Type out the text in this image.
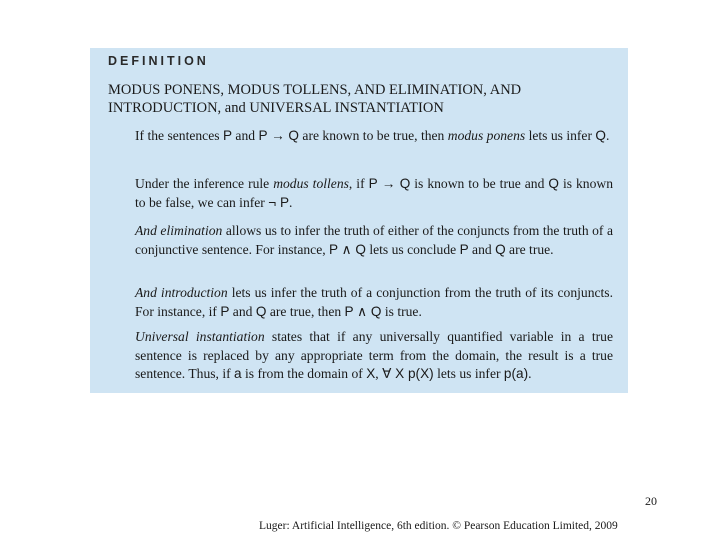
DEFINITION
MODUS PONENS, MODUS TOLLENS, AND ELIMINATION, AND
INTRODUCTION, and UNIVERSAL INSTANTIATION
If the sentences P and P → Q are known to be true, then modus ponens lets us infer Q.
Under the inference rule modus tollens, if P → Q is known to be true and Q is known to be false, we can infer ¬ P.
And elimination allows us to infer the truth of either of the conjuncts from the truth of a conjunctive sentence. For instance, P ∧ Q lets us conclude P and Q are true.
And introduction lets us infer the truth of a conjunction from the truth of its conjuncts. For instance, if P and Q are true, then P ∧ Q is true.
Universal instantiation states that if any universally quantified variable in a true sentence is replaced by any appropriate term from the domain, the result is a true sentence. Thus, if a is from the domain of X, ∀ X p(X) lets us infer p(a).
20
Luger: Artificial Intelligence, 6th edition. © Pearson Education Limited, 2009
